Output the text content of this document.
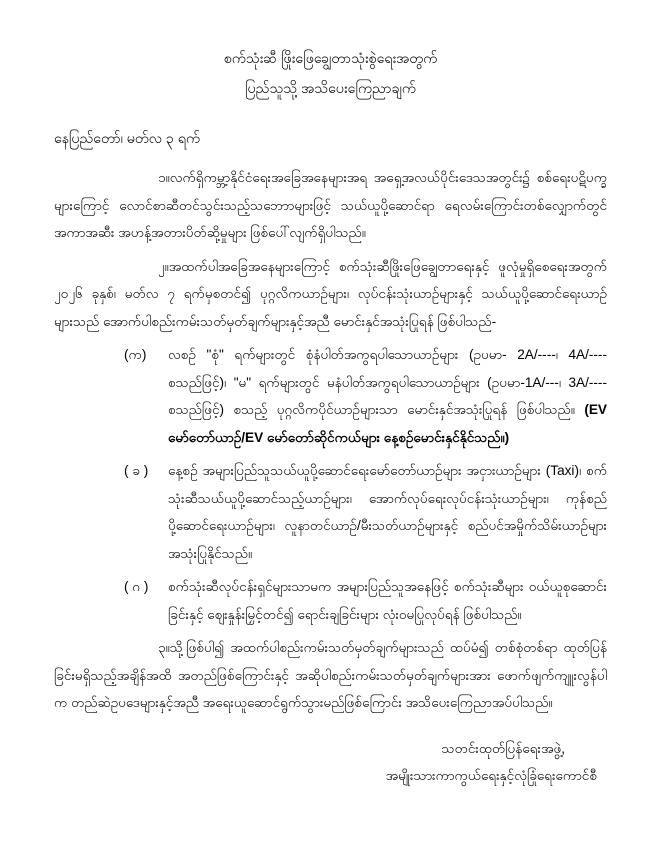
စက်သုံးဆီ ဖြိုးဖြေချွေတာသုံးစွဲရေးအတွက်
ပြည်သူသို့ အသိပေးကြေညာချက်
နေပြည်တော်၊ မတ်လ ၃ ရက်

၁။လက်ရှိကမ္ဘာ့နိုင်ငံရေးအခြေအနေများအရ အရှေ့အလယ်ပိုင်းဒေသအတွင်း၌ စစ်ရေးပဋိပက္ခများကြောင့် လောင်စာဆီတင်သွင်းသည့်သဘောာများဖြင့် သယ်ယူပို့ဆောင်ရာ ရေလမ်းကြောင်းတစ်လျှောက်တွင် အကာအဆီး အဟန့်အတားပိတ်ဆို့မှုများ ဖြစ်ပေါ်လျက်ရှိပါသည်။

၂။အထက်ပါအခြေအနေများကြောင့် စက်သုံးဆီဖြိုးဖြေချွေတာရေးနှင့် ဖူလုံမှုရှိစေရေးအတွက် ၂၀၂၆ ခုနှစ်၊ မတ်လ ၇ ရက်မှစတင်၍ ပုဂ္ဂလိကယာဉ်များ၊ လုပ်ငန်းသုံးယာဉ်များနှင့် သယ်ယူပို့ဆောင်ရေးယာဉ်များသည် အောက်ပါစည်းကမ်းသတ်မှတ်ချက်များနှင့်အညီ မောင်းနှင်အသုံးပြုရန် ဖြစ်ပါသည်-

(က)	လစဉ် "စုံ" ရက်များတွင် စုံနံပါတ်အကွရပါသောယာဉ်များ (ဥပမာ- 2A/----၊ 4A/---- စသည်ဖြင့်)၊ "မ" ရက်များတွင် မနံပါတ်အကွရပါသောယာဉ်များ (ဥပမာ-1A/---၊ 3A/---- စသည်ဖြင့်) စသည့် ပုဂ္ဂလိကပိုင်ယာဉ်များသာ မောင်းနှင်အသုံးပြုရန် ဖြစ်ပါသည်။ (EV မော်တော်ယာဉ်/EV မော်တော်ဆိုင်ကယ်များ နေ့စဉ်မောင်းနှင်နိုင်သည်။)
( ခ )	နေ့စဉ် အများပြည်သူသယ်ယူပို့ဆောင်ရေးမော်တော်ယာဉ်များ အငှားယာဉ်များ (Taxi)၊ စက်သုံးဆီသယ်ယူပို့ဆောင်သည့်ယာဉ်များ၊ အောက်လုပ်ရေးလုပ်ငန်းသုံးယာဉ်များ၊ ကုန်စည်ပို့ဆောင်ရေးယာဉ်များ၊ လူနာတင်ယာဉ်/မီးသတ်ယာဉ်များနှင့် စည်ပင်အမှိုက်သိမ်းယာဉ်များ အသုံးပြုနိုင်သည်။
( ဂ )	စက်သုံးဆီလုပ်ငန်းရှင်များသာမက အများပြည်သူအနေဖြင့် စက်သုံးဆီများ ဝယ်ယူစုဆောင်းခြင်းနှင့် ဈေးနှုန်းမြှင့်တင်၍ ရောင်းချခြင်းများ လုံးဝမပြုလုပ်ရန် ဖြစ်ပါသည်။

၃။သို့ဖြစ်ပါ၍ အထက်ပါစည်းကမ်းသတ်မှတ်ချက်များသည် ထပ်မံ၍ တစ်စုံတစ်ရာ ထုတ်ပြန်ခြင်းမရှိသည့်အချိန်အထိ အတည်ဖြစ်ကြောင်းနှင့် အဆိုပါစည်းကမ်းသတ်မှတ်ချက်များအား ဖောက်ဖျက်ကျူးလွန်ပါက တည်ဆဲဥပဒေများနှင့်အညီ အရေးယူဆောင်ရွက်သွားမည်ဖြစ်ကြောင်း အသိပေးကြေညာအပ်ပါသည်။

သတင်းထုတ်ပြန်ရေးအဖွဲ့,
အမျိုးသားကာကွယ်ရေးနှင့်လုံခြုံရေးကောင်စီ
